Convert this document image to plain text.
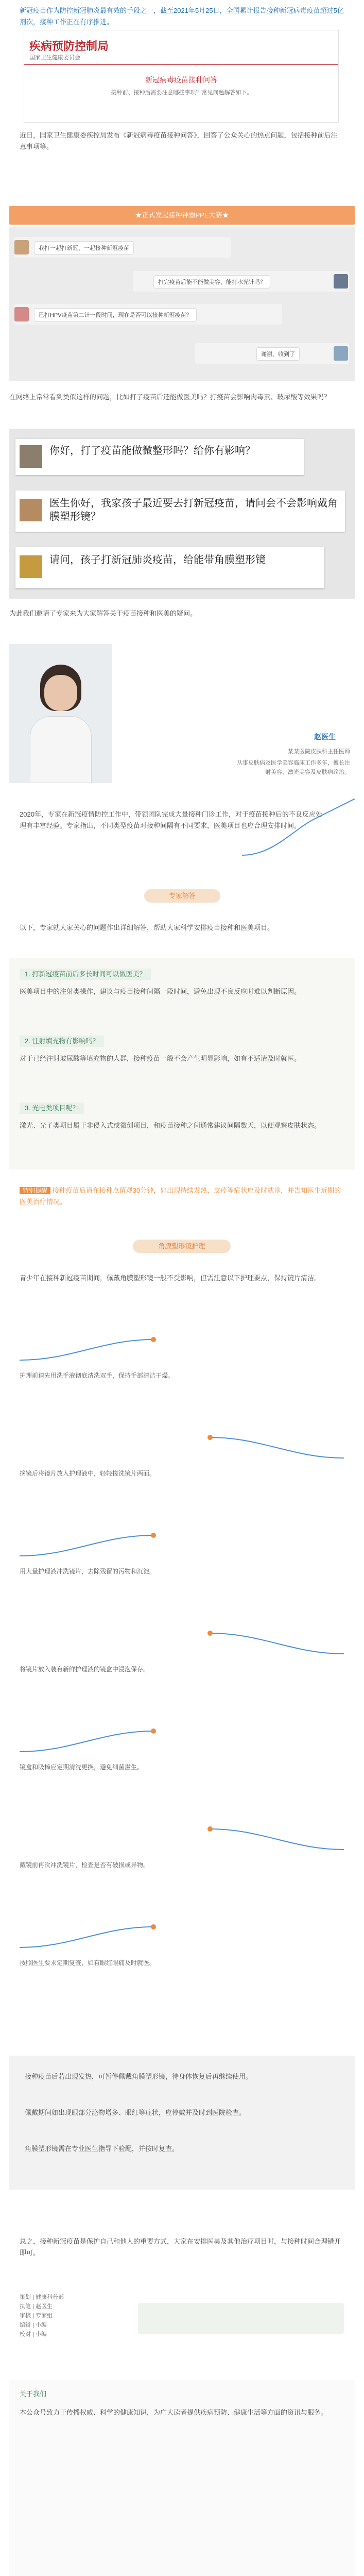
新冠疫苗作为防控新冠肺炎最有效的手段之一，截至2021年5月25日，全国累计报告接种新冠病毒疫苗超过5亿剂次，接种工作正在有序推进。
疾病预防控制局
国家卫生健康委员会
新冠病毒疫苗接种问答
接种前、接种后需要注意哪些事项？常见问题解答如下。
近日，国家卫生健康委疾控局发布《新冠病毒疫苗接种问答》，回答了公众关心的热点问题，包括接种前后注意事项等。
★正式发起接种神器PPE大赛★
我打一起打新冠，一起接种新冠疫苗
打完疫苗后能不能做美容，能打水光针吗？
已打HPV疫苗第二针一段时间，现在是否可以接种新冠疫苗？
谢谢，收到了
在网络上常常看到类似这样的问题，比如打了疫苗后还能做医美吗？打疫苗会影响肉毒素、玻尿酸等效果吗？
你好，打了疫苗能做微整形吗？给你有影响？
医生你好，我家孩子最近要去打新冠疫苗，请问会不会影响戴角膜塑形镜？
请问，孩子打新冠肺炎疫苗，给能带角膜塑形镜
为此我们邀请了专家来为大家解答关于疫苗接种和医美的疑问。
赵医生
某某医院皮肤科主任医师
从事皮肤病及医学美容临床工作多年，擅长注射美容、激光美容及皮肤病诊治。
2020年，专家在新冠疫情防控工作中，带领团队完成大量接种门诊工作，对于疫苗接种后的不良反应处理有丰富经验。专家指出，不同类型疫苗对接种间隔有不同要求，医美项目也应合理安排时间。
专家解答
以下，专家就大家关心的问题作出详细解答，帮助大家科学安排疫苗接种和医美项目。
1. 打新冠疫苗前后多长时间可以做医美？
医美项目中的注射类操作，建议与疫苗接种间隔一段时间，避免出现不良反应时难以判断原因。
2. 注射填充物有影响吗？
对于已经注射玻尿酸等填充物的人群，接种疫苗一般不会产生明显影响，如有不适请及时就医。
3. 光电类项目呢？
激光、光子类项目属于非侵入式或微创项目，和疫苗接种之间通常建议间隔数天，以便观察皮肤状态。
特别提醒 接种疫苗后请在接种点留观30分钟，如出现持续发热、皮疹等症状应及时就诊，并告知医生近期的医美治疗情况。
角膜塑形镜护理
青少年在接种新冠疫苗期间，佩戴角膜塑形镜一般不受影响，但需注意以下护理要点，保持镜片清洁。
护理前请先用洗手液彻底清洗双手，保持手部清洁干燥。
摘镜后将镜片放入护理液中，轻轻搓洗镜片两面。
用大量护理液冲洗镜片，去除残留的污物和沉淀。
将镜片放入装有新鲜护理液的镜盒中浸泡保存。
镜盒和吸棒应定期清洗更换，避免细菌滋生。
戴镜前再次冲洗镜片，检查是否有破损或异物。
按照医生要求定期复查，如有眼红眼痛及时就医。
接种疫苗后若出现发热，可暂停佩戴角膜塑形镜，待身体恢复后再继续使用。
佩戴期间如出现眼部分泌物增多、眼红等症状，应停戴并及时到医院检查。
角膜塑形镜需在专业医生指导下验配，并按时复查。
总之，接种新冠疫苗是保护自己和他人的重要方式，大家在安排医美及其他治疗项目时，与接种时间合理错开即可。
策划 | 健康科普部
执笔 | 赵医生
审核 | 专家组
编辑 | 小编
校对 | 小编
关于我们
本公众号致力于传播权威、科学的健康知识，为广大读者提供疾病预防、健康生活等方面的资讯与服务。
